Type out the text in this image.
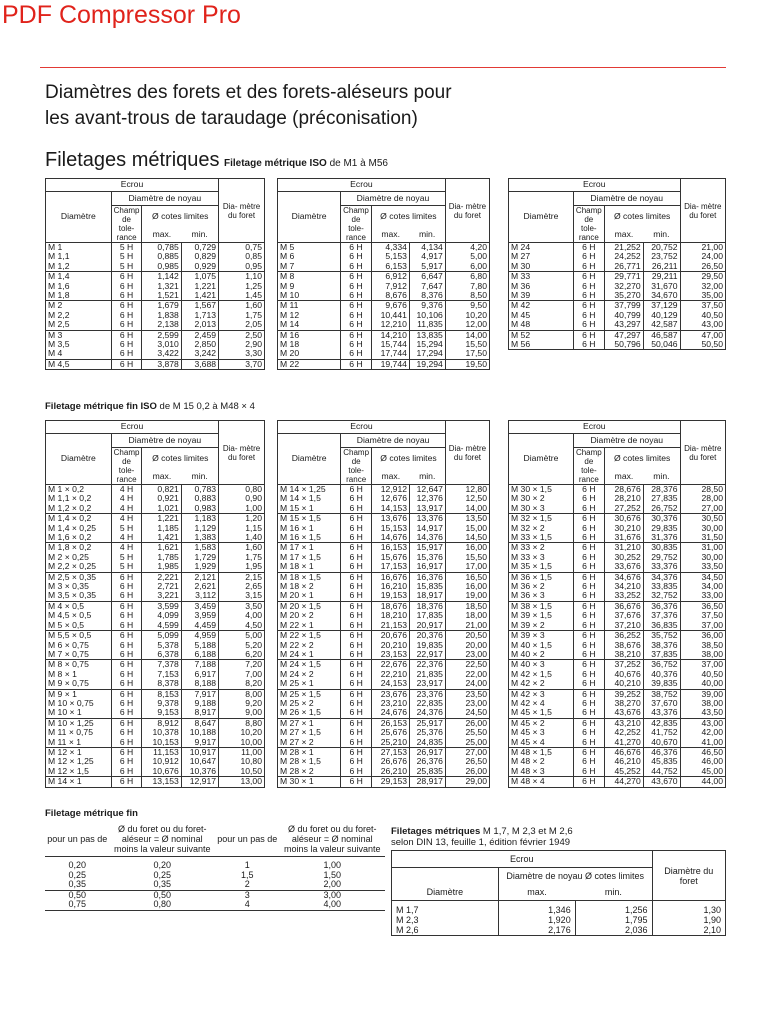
PDF Compressor Pro
Diamètres des forets et des forets-aléseurs pour
les avant-trous de taraudage (préconisation)
Filetages métriques Filetage métrique ISO de M1 à M56
Ecrou				Dia- mètre du foret
Diamètre	Diamètre de noyau			
	Champ de tole- rance	Ø cotes limites		
		max.	min.	
M 1	5 H	0,785	0,729	0,75
M 1,1	5 H	0,885	0,829	0,85
M 1,2	5 H	0,985	0,929	0,95
M 1,4	6 H	1,142	1,075	1,10
M 1,6	6 H	1,321	1,221	1,25
M 1,8	6 H	1,521	1,421	1,45
M 2	6 H	1,679	1,567	1,60
M 2,2	6 H	1,838	1,713	1,75
M 2,5	6 H	2,138	2,013	2,05
M 3	6 H	2,599	2,459	2,50
M 3,5	6 H	3,010	2,850	2,90
M 4	6 H	3,422	3,242	3,30
M 4,5	6 H	3,878	3,688	3,70
Ecrou				Dia- mètre du foret
Diamètre	Diamètre de noyau			
	Champ de tole- rance	Ø cotes limites		
		max.	min.	
M 5	6 H	4,334	4,134	4,20
M 6	6 H	5,153	4,917	5,00
M 7	6 H	6,153	5,917	6,00
M 8	6 H	6,912	6,647	6,80
M 9	6 H	7,912	7,647	7,80
M 10	6 H	8,676	8,376	8,50
M 11	6 H	9,676	9,376	9,50
M 12	6 H	10,441	10,106	10,20
M 14	6 H	12,210	11,835	12,00
M 16	6 H	14,210	13,835	14,00
M 18	6 H	15,744	15,294	15,50
M 20	6 H	17,744	17,294	17,50
M 22	6 H	19,744	19,294	19,50
Ecrou				Dia- mètre du foret
Diamètre	Diamètre de noyau			
	Champ de tole- rance	Ø cotes limites		
		max.	min.	
M 24	6 H	21,252	20,752	21,00
M 27	6 H	24,252	23,752	24,00
M 30	6 H	26,771	26,211	26,50
M 33	6 H	29,771	29,211	29,50
M 36	6 H	32,270	31,670	32,00
M 39	6 H	35,270	34,670	35,00
M 42	6 H	37,799	37,129	37,50
M 45	6 H	40,799	40,129	40,50
M 48	6 H	43,297	42,587	43,00
M 52	6 H	47,297	46,587	47,00
M 56	6 H	50,796	50,046	50,50
Filetage métrique fin ISO de M 15 0,2 à M48 × 4
Ecrou				Dia- mètre du foret
Diamètre	Diamètre de noyau			
	Champ de tole- rance	Ø cotes limites		
		max.	min.	
M 1 × 0,2	4 H	0,821	0,783	0,80
M 1,1 × 0,2	4 H	0,921	0,883	0,90
M 1,2 × 0,2	4 H	1,021	0,983	1,00
M 1,4 × 0,2	4 H	1,221	1,183	1,20
M 1,4 × 0,25	5 H	1,185	1,129	1,15
M 1,6 × 0,2	4 H	1,421	1,383	1,40
M 1,8 × 0,2	4 H	1,621	1,583	1,60
M 2 × 0,25	5 H	1,785	1,729	1,75
M 2,2 × 0,25	5 H	1,985	1,929	1,95
M 2,5 × 0,35	6 H	2,221	2,121	2,15
M 3 × 0,35	6 H	2,721	2,621	2,65
M 3,5 × 0,35	6 H	3,221	3,112	3,15
M 4 × 0,5	6 H	3,599	3,459	3,50
M 4,5 × 0,5	6 H	4,099	3,959	4,00
M 5 × 0,5	6 H	4,599	4,459	4,50
M 5,5 × 0,5	6 H	5,099	4,959	5,00
M 6 × 0,75	6 H	5,378	5,188	5,20
M 7 × 0,75	6 H	6,378	6,188	6,20
M 8 × 0,75	6 H	7,378	7,188	7,20
M 8 × 1	6 H	7,153	6,917	7,00
M 9 × 0,75	6 H	8,378	8,188	8,20
M 9 × 1	6 H	8,153	7,917	8,00
M 10 × 0,75	6 H	9,378	9,188	9,20
M 10 × 1	6 H	9,153	8,917	9,00
M 10 × 1,25	6 H	8,912	8,647	8,80
M 11 × 0,75	6 H	10,378	10,188	10,20
M 11 × 1	6 H	10,153	9,917	10,00
M 12 × 1	6 H	11,153	10,917	11,00
M 12 × 1,25	6 H	10,912	10,647	10,80
M 12 × 1,5	6 H	10,676	10,376	10,50
M 14 × 1	6 H	13,153	12,917	13,00
Ecrou				Dia- mètre du foret
Diamètre	Diamètre de noyau			
	Champ de tole- rance	Ø cotes limites		
		max.	min.	
M 14 × 1,25	6 H	12,912	12,647	12,80
M 14 × 1,5	6 H	12,676	12,376	12,50
M 15 × 1	6 H	14,153	13,917	14,00
M 15 × 1,5	6 H	13,676	13,376	13,50
M 16 × 1	6 H	15,153	14,917	15,00
M 16 × 1,5	6 H	14,676	14,376	14,50
M 17 × 1	6 H	16,153	15,917	16,00
M 17 × 1,5	6 H	15,676	15,376	15,50
M 18 × 1	6 H	17,153	16,917	17,00
M 18 × 1,5	6 H	16,676	16,376	16,50
M 18 × 2	6 H	16,210	15,835	16,00
M 20 × 1	6 H	19,153	18,917	19,00
M 20 × 1,5	6 H	18,676	18,376	18,50
M 20 × 2	6 H	18,210	17,835	18,00
M 22 × 1	6 H	21,153	20,917	21,00
M 22 × 1,5	6 H	20,676	20,376	20,50
M 22 × 2	6 H	20,210	19,835	20,00
M 24 × 1	6 H	23,153	22,917	23,00
M 24 × 1,5	6 H	22,676	22,376	22,50
M 24 × 2	6 H	22,210	21,835	22,00
M 25 × 1	6 H	24,153	23,917	24,00
M 25 × 1,5	6 H	23,676	23,376	23,50
M 25 × 2	6 H	23,210	22,835	23,00
M 26 × 1,5	6 H	24,676	24,376	24,50
M 27 × 1	6 H	26,153	25,917	26,00
M 27 × 1,5	6 H	25,676	25,376	25,50
M 27 × 2	6 H	25,210	24,835	25,00
M 28 × 1	6 H	27,153	26,917	27,00
M 28 × 1,5	6 H	26,676	26,376	26,50
M 28 × 2	6 H	26,210	25,835	26,00
M 30 × 1	6 H	29,153	28,917	29,00
Ecrou				Dia- mètre du foret
Diamètre	Diamètre de noyau			
	Champ de tole- rance	Ø cotes limites		
		max.	min.	
M 30 × 1,5	6 H	28,676	28,376	28,50
M 30 × 2	6 H	28,210	27,835	28,00
M 30 × 3	6 H	27,252	26,752	27,00
M 32 × 1,5	6 H	30,676	30,376	30,50
M 32 × 2	6 H	30,210	29,835	30,00
M 33 × 1,5	6 H	31,676	31,376	31,50
M 33 × 2	6 H	31,210	30,835	31,00
M 33 × 3	6 H	30,252	29,752	30,00
M 35 × 1,5	6 H	33,676	33,376	33,50
M 36 × 1,5	6 H	34,676	34,376	34,50
M 36 × 2	6 H	34,210	33,835	34,00
M 36 × 3	6 H	33,252	32,752	33,00
M 38 × 1,5	6 H	36,676	36,376	36,50
M 39 × 1,5	6 H	37,676	37,376	37,50
M 39 × 2	6 H	37,210	36,835	37,00
M 39 × 3	6 H	36,252	35,752	36,00
M 40 × 1,5	6 H	38,676	38,376	38,50
M 40 × 2	6 H	38,210	37,835	38,00
M 40 × 3	6 H	37,252	36,752	37,00
M 42 × 1,5	6 H	40,676	40,376	40,50
M 42 × 2	6 H	40,210	39,835	40,00
M 42 × 3	6 H	39,252	38,752	39,00
M 42 × 4	6 H	38,270	37,670	38,00
M 45 × 1,5	6 H	43,676	43,376	43,50
M 45 × 2	6 H	43,210	42,835	43,00
M 45 × 3	6 H	42,252	41,752	42,00
M 45 × 4	6 H	41,270	40,670	41,00
M 48 × 1,5	6 H	46,676	46,376	46,50
M 48 × 2	6 H	46,210	45,835	46,00
M 48 × 3	6 H	45,252	44,752	45,00
M 48 × 4	6 H	44,270	43,670	44,00
Filetage métrique fin
pour un pas de	Ø du foret ou du foret-aléseur = Ø nominal moins la valeur suivante	pour un pas de	Ø du foret ou du foret-aléseur = Ø nominal moins la valeur suivante
0,20	0,20	1	1,00
0,25	0,25	1,5	1,50
0,35	0,35	2	2,00
0,50	0,50	3	3,00
0,75	0,80	4	4,00
Filetages métriques M 1,7, M 2,3 et M 2,6
selon DIN 13, feuille 1, édition février 1949
Ecrou			Diamètre du foret
Diamètre	Diamètre de noyau Ø cotes limites		
	max.	min.	
M 1,7	1,346	1,256	1,30
M 2,3	1,920	1,795	1,90
M 2,6	2,176	2,036	2,10
